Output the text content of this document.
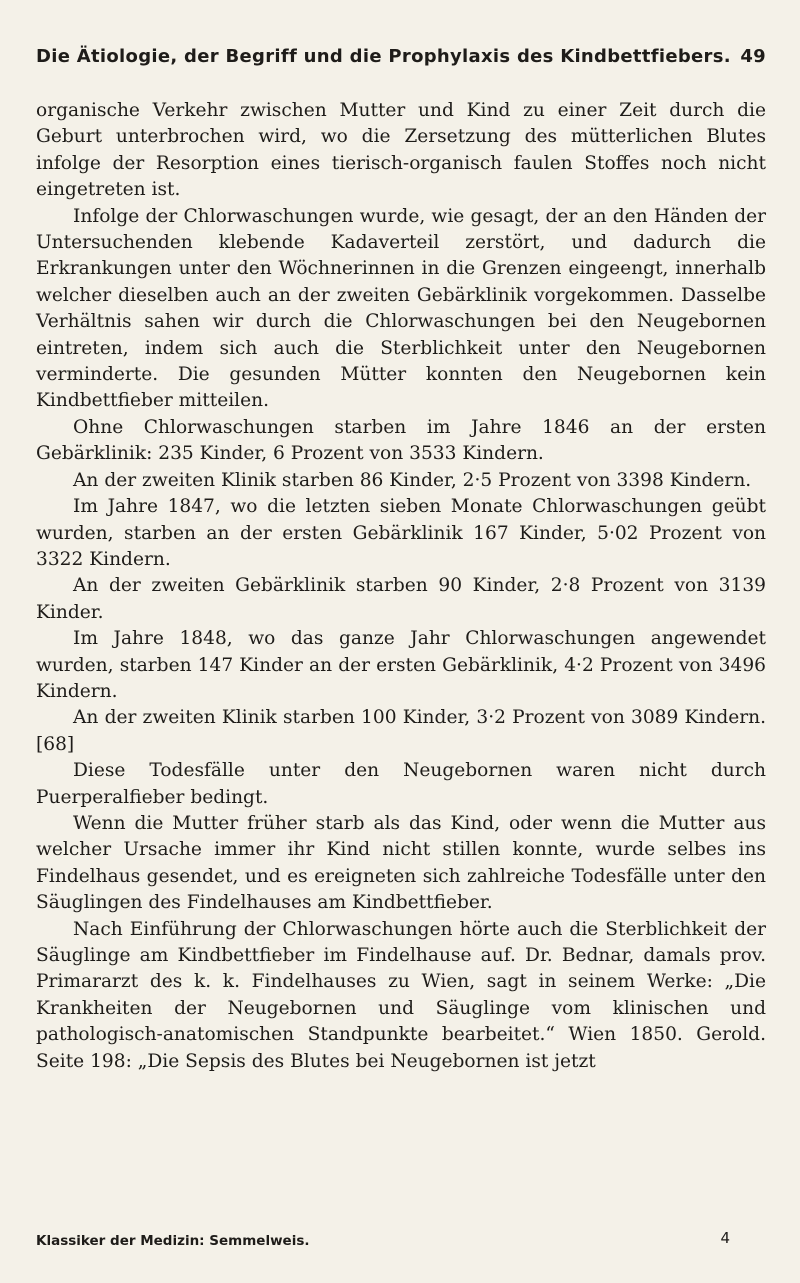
Die Ätiologie, der Begriff und die Prophylaxis des Kindbettfiebers. 49

organische Verkehr zwischen Mutter und Kind zu einer Zeit durch die Geburt unterbrochen wird, wo die Zersetzung des mütterlichen Blutes infolge der Resorption eines tierisch-organisch faulen Stoffes noch nicht eingetreten ist.

Infolge der Chlorwaschungen wurde, wie gesagt, der an den Händen der Untersuchenden klebende Kadaverteil zerstört, und dadurch die Erkrankungen unter den Wöchnerinnen in die Grenzen eingeengt, innerhalb welcher dieselben auch an der zweiten Gebärklinik vorgekommen. Dasselbe Verhältnis sahen wir durch die Chlorwaschungen bei den Neugebornen eintreten, indem sich auch die Sterblichkeit unter den Neugebornen verminderte. Die gesunden Mütter konnten den Neugebornen kein Kindbettfieber mitteilen.

Ohne Chlorwaschungen starben im Jahre 1846 an der ersten Gebärklinik: 235 Kinder, 6 Prozent von 3533 Kindern.

An der zweiten Klinik starben 86 Kinder, 2·5 Prozent von 3398 Kindern.

Im Jahre 1847, wo die letzten sieben Monate Chlorwaschungen geübt wurden, starben an der ersten Gebärklinik 167 Kinder, 5·02 Prozent von 3322 Kindern.

An der zweiten Gebärklinik starben 90 Kinder, 2·8 Prozent von 3139 Kinder.

Im Jahre 1848, wo das ganze Jahr Chlorwaschungen angewendet wurden, starben 147 Kinder an der ersten Gebärklinik, 4·2 Prozent von 3496 Kindern.

An der zweiten Klinik starben 100 Kinder, 3·2 Prozent von 3089 Kindern.[68]

Diese Todesfälle unter den Neugebornen waren nicht durch Puerperalfieber bedingt.

Wenn die Mutter früher starb als das Kind, oder wenn die Mutter aus welcher Ursache immer ihr Kind nicht stillen konnte, wurde selbes ins Findelhaus gesendet, und es ereigneten sich zahlreiche Todesfälle unter den Säuglingen des Findelhauses am Kindbettfieber.

Nach Einführung der Chlorwaschungen hörte auch die Sterblichkeit der Säuglinge am Kindbettfieber im Findelhause auf. Dr. Bednar, damals prov. Primararzt des k. k. Findelhauses zu Wien, sagt in seinem Werke: „Die Krankheiten der Neugebornen und Säuglinge vom klinischen und pathologisch-anatomischen Standpunkte bearbeitet.“ Wien 1850. Gerold. Seite 198: „Die Sepsis des Blutes bei Neugebornen ist jetzt

Klassiker der Medizin: Semmelweis.	4
